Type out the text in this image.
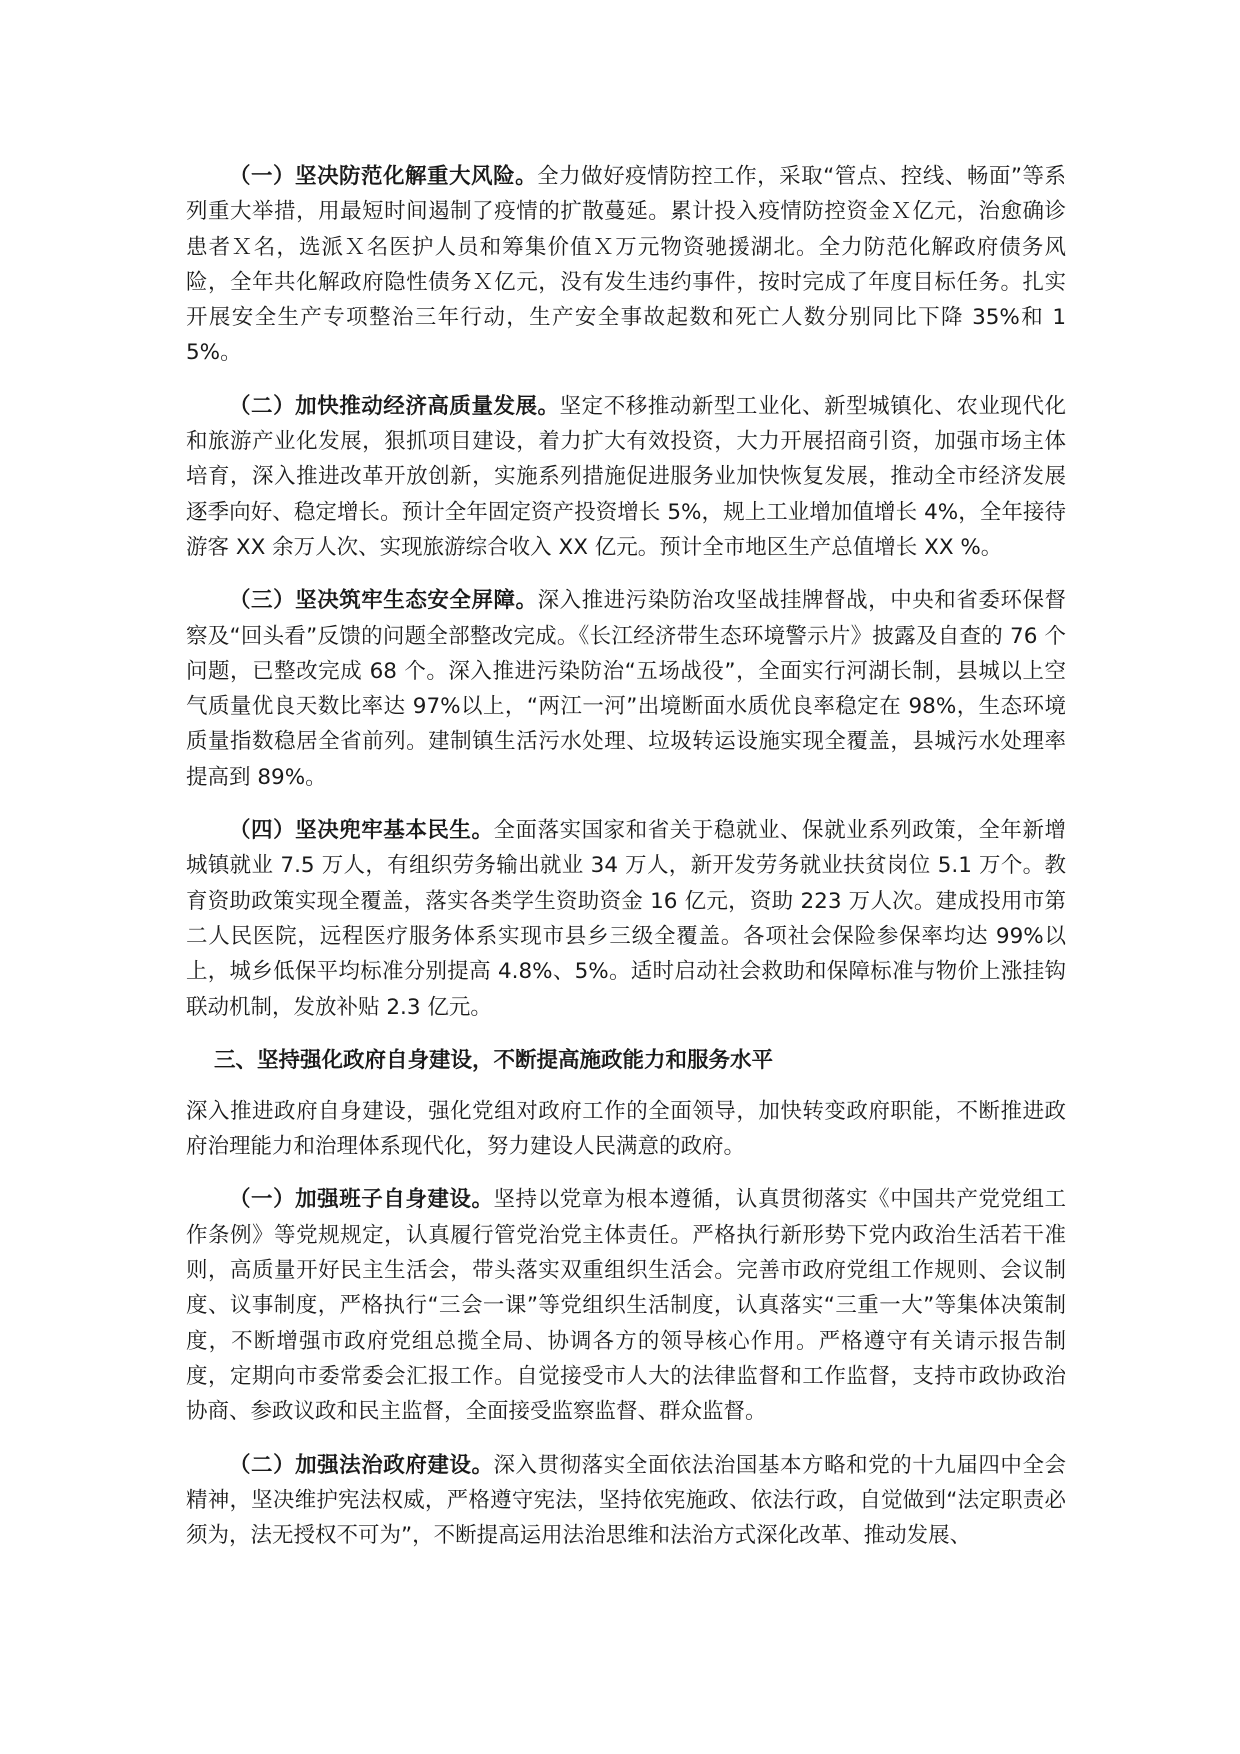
（一）坚决防范化解重大风险。全力做好疫情防控工作，采取“管点、控线、畅面”等系列重大举措，用最短时间遏制了疫情的扩散蔓延。累计投入疫情防控资金Ｘ亿元，治愈确诊患者Ｘ名，选派Ｘ名医护人员和筹集价值Ｘ万元物资驰援湖北。全力防范化解政府债务风险，全年共化解政府隐性债务Ｘ亿元，没有发生违约事件，按时完成了年度目标任务。扎实开展安全生产专项整治三年行动，生产安全事故起数和死亡人数分别同比下降 35%和 15%。

（二）加快推动经济高质量发展。坚定不移推动新型工业化、新型城镇化、农业现代化和旅游产业化发展，狠抓项目建设，着力扩大有效投资，大力开展招商引资，加强市场主体培育，深入推进改革开放创新，实施系列措施促进服务业加快恢复发展，推动全市经济发展逐季向好、稳定增长。预计全年固定资产投资增长 5%，规上工业增加值增长 4%，全年接待游客 XX 余万人次、实现旅游综合收入 XX 亿元。预计全市地区生产总值增长 XX %。

（三）坚决筑牢生态安全屏障。深入推进污染防治攻坚战挂牌督战，中央和省委环保督察及“回头看”反馈的问题全部整改完成。《长江经济带生态环境警示片》披露及自查的 76 个问题，已整改完成 68 个。深入推进污染防治“五场战役”，全面实行河湖长制，县城以上空气质量优良天数比率达 97%以上，“两江一河”出境断面水质优良率稳定在 98%，生态环境质量指数稳居全省前列。建制镇生活污水处理、垃圾转运设施实现全覆盖，县城污水处理率提高到 89%。

（四）坚决兜牢基本民生。全面落实国家和省关于稳就业、保就业系列政策，全年新增城镇就业 7.5 万人，有组织劳务输出就业 34 万人，新开发劳务就业扶贫岗位 5.1 万个。教育资助政策实现全覆盖，落实各类学生资助资金 16 亿元，资助 223 万人次。建成投用市第二人民医院，远程医疗服务体系实现市县乡三级全覆盖。各项社会保险参保率均达 99%以上，城乡低保平均标准分别提高 4.8%、5%。适时启动社会救助和保障标准与物价上涨挂钩联动机制，发放补贴 2.3 亿元。

三、坚持强化政府自身建设，不断提高施政能力和服务水平

深入推进政府自身建设，强化党组对政府工作的全面领导，加快转变政府职能，不断推进政府治理能力和治理体系现代化，努力建设人民满意的政府。

（一）加强班子自身建设。坚持以党章为根本遵循，认真贯彻落实《中国共产党党组工作条例》等党规规定，认真履行管党治党主体责任。严格执行新形势下党内政治生活若干准则，高质量开好民主生活会，带头落实双重组织生活会。完善市政府党组工作规则、会议制度、议事制度，严格执行“三会一课”等党组织生活制度，认真落实“三重一大”等集体决策制度，不断增强市政府党组总揽全局、协调各方的领导核心作用。严格遵守有关请示报告制度，定期向市委常委会汇报工作。自觉接受市人大的法律监督和工作监督，支持市政协政治协商、参政议政和民主监督，全面接受监察监督、群众监督。

（二）加强法治政府建设。深入贯彻落实全面依法治国基本方略和党的十九届四中全会精神，坚决维护宪法权威，严格遵守宪法，坚持依宪施政、依法行政，自觉做到“法定职责必须为，法无授权不可为”，不断提高运用法治思维和法治方式深化改革、推动发展、
